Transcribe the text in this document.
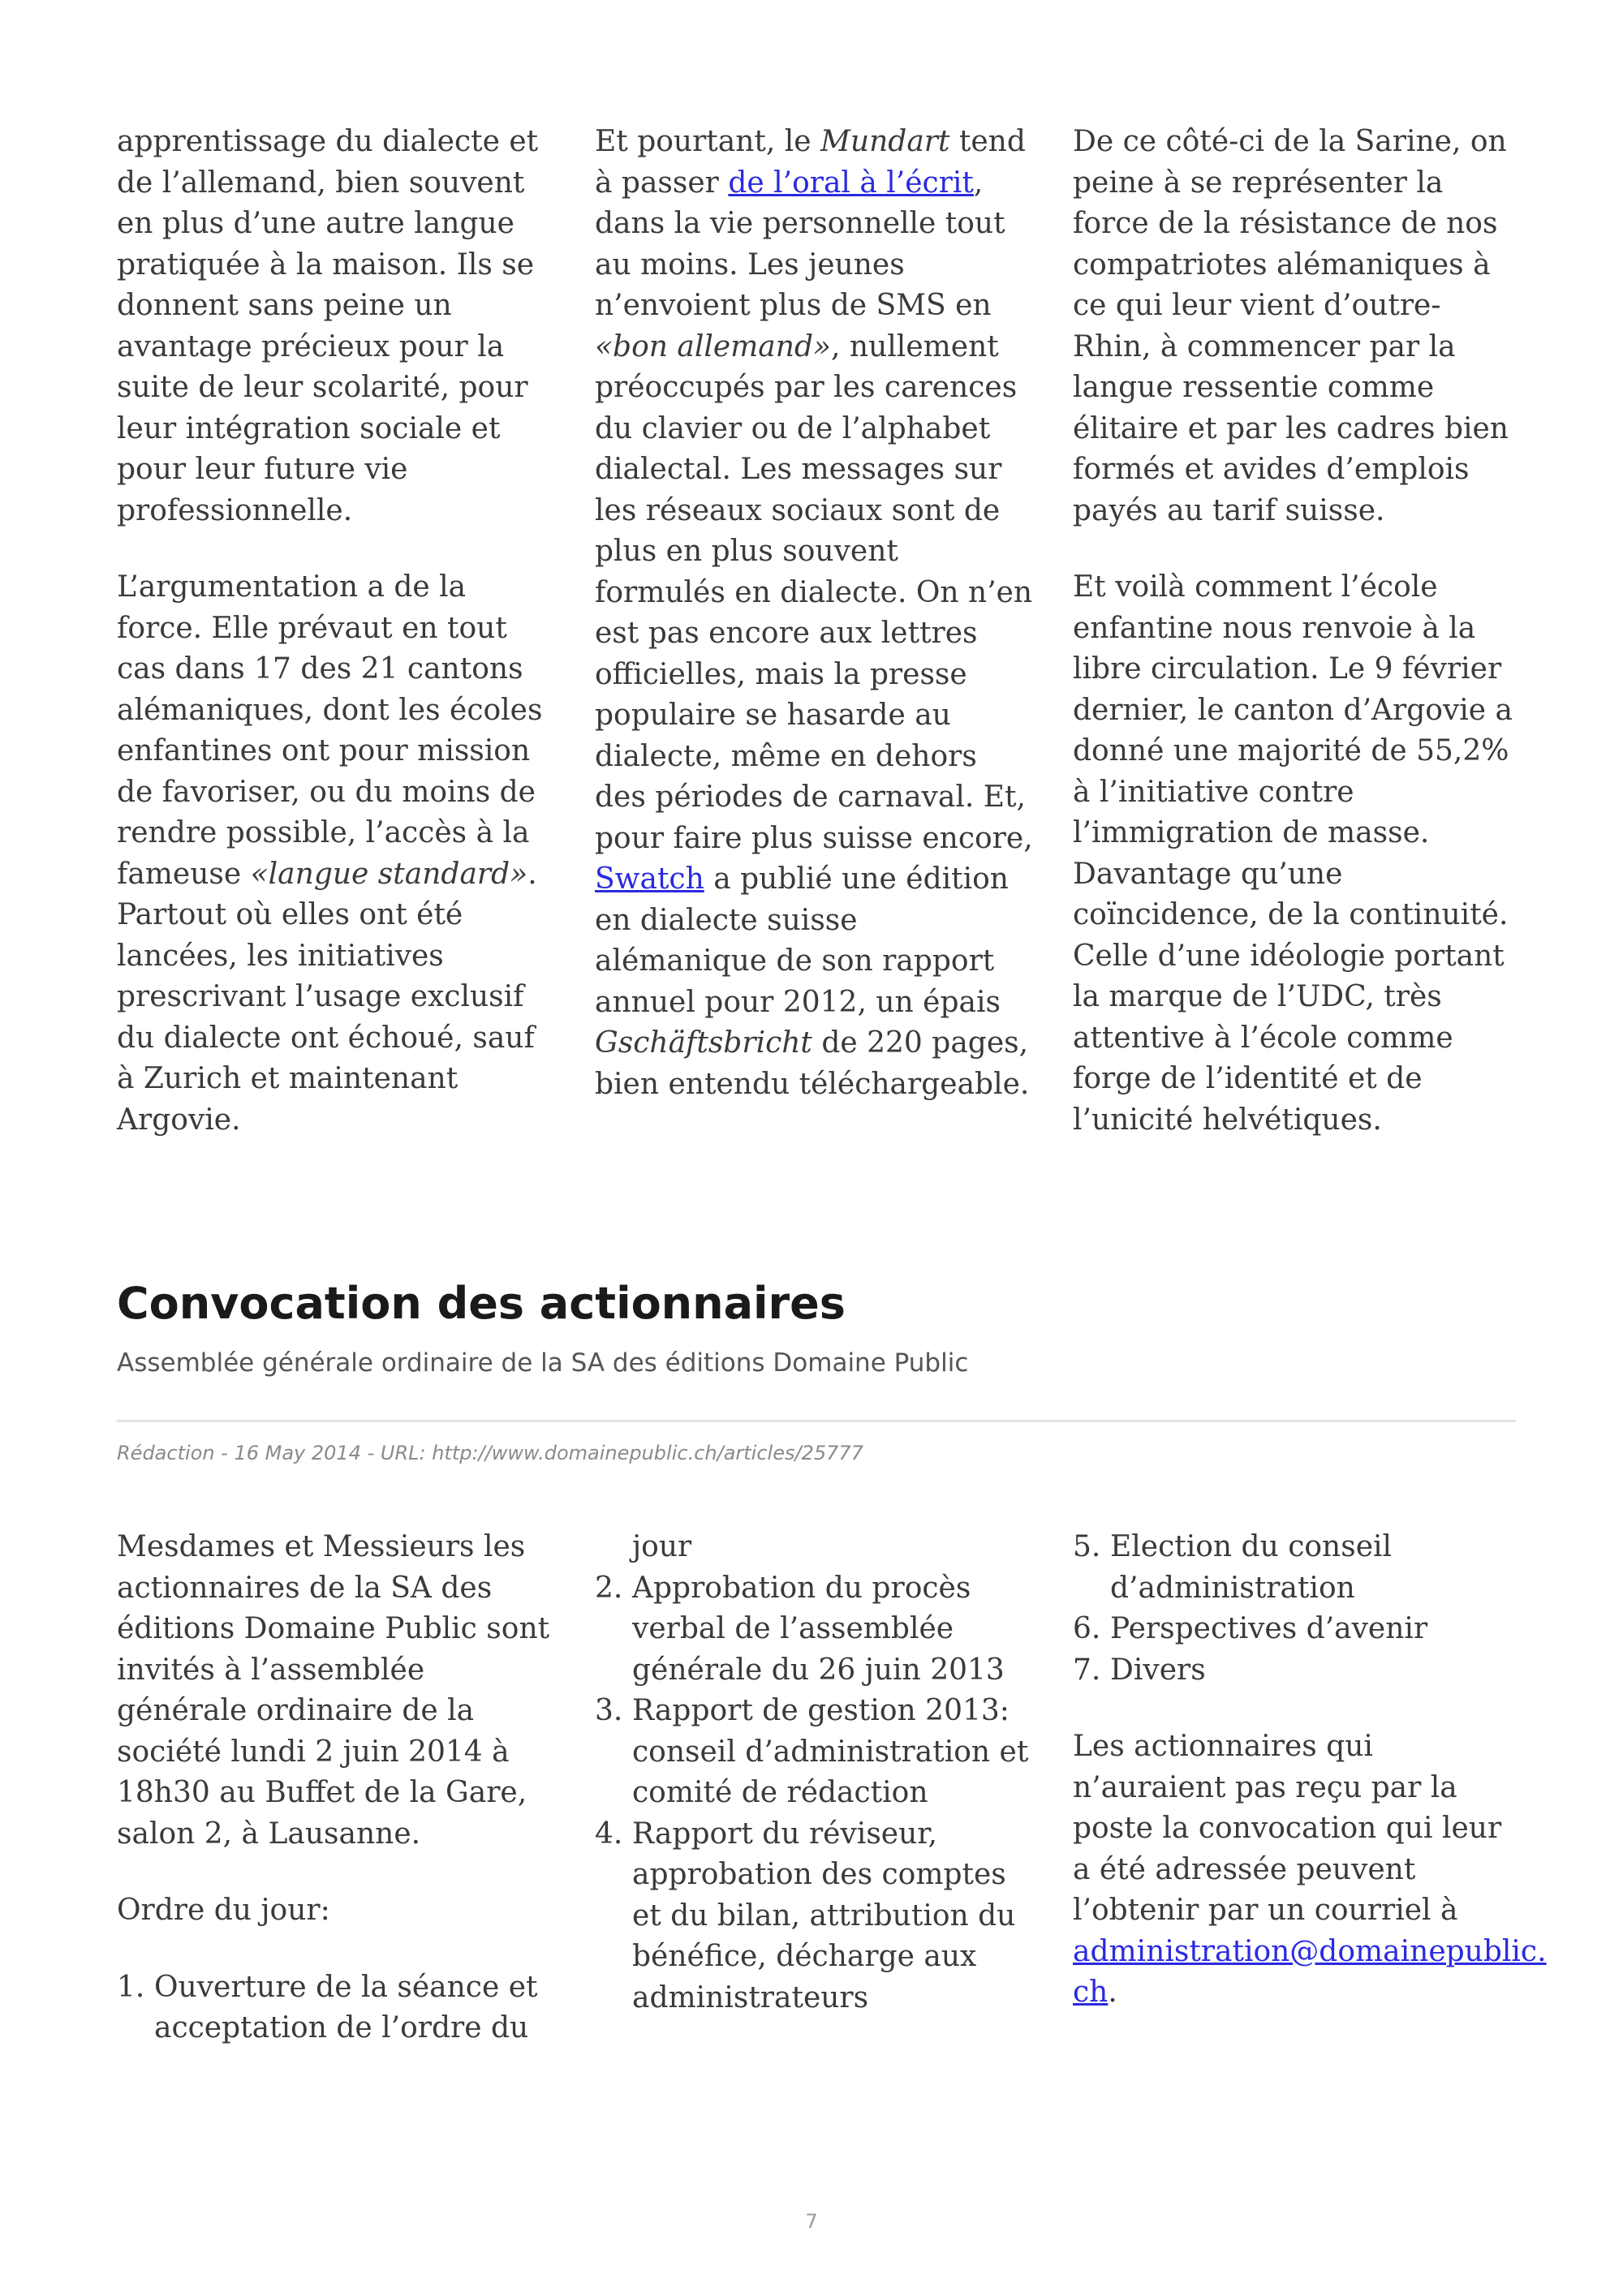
apprentissage du dialecte et de l’allemand, bien souvent en plus d’une autre langue pratiquée à la maison. Ils se donnent sans peine un avantage précieux pour la suite de leur scolarité, pour leur intégration sociale et pour leur future vie professionnelle.

L’argumentation a de la force. Elle prévaut en tout cas dans 17 des 21 cantons alémaniques, dont les écoles enfantines ont pour mission de favoriser, ou du moins de rendre possible, l’accès à la fameuse «langue standard». Partout où elles ont été lancées, les initiatives prescrivant l’usage exclusif du dialecte ont échoué, sauf à Zurich et maintenant Argovie.

Et pourtant, le Mundart tend à passer de l’oral à l’écrit, dans la vie personnelle tout au moins. Les jeunes n’envoient plus de SMS en «bon allemand», nullement préoccupés par les carences du clavier ou de l’alphabet dialectal. Les messages sur les réseaux sociaux sont de plus en plus souvent formulés en dialecte. On n’en est pas encore aux lettres officielles, mais la presse populaire se hasarde au dialecte, même en dehors des périodes de carnaval. Et, pour faire plus suisse encore, Swatch a publié une édition en dialecte suisse alémanique de son rapport annuel pour 2012, un épais Gschäftsbricht de 220 pages, bien entendu téléchargeable.

De ce côté-ci de la Sarine, on peine à se représenter la force de la résistance de nos compatriotes alémaniques à ce qui leur vient d’outre-Rhin, à commencer par la langue ressentie comme élitaire et par les cadres bien formés et avides d’emplois payés au tarif suisse.

Et voilà comment l’école enfantine nous renvoie à la libre circulation. Le 9 février dernier, le canton d’Argovie a donné une majorité de 55,2% à l’initiative contre l’immigration de masse. Davantage qu’une coïncidence, de la continuité. Celle d’une idéologie portant la marque de l’UDC, très attentive à l’école comme forge de l’identité et de l’unicité helvétiques.

Convocation des actionnaires
Assemblée générale ordinaire de la SA des éditions Domaine Public
Rédaction - 16 May 2014 - URL: http://www.domainepublic.ch/articles/25777

Mesdames et Messieurs les actionnaires de la SA des éditions Domaine Public sont invités à l’assemblée générale ordinaire de la société lundi 2 juin 2014 à 18h30 au Buffet de la Gare, salon 2, à Lausanne.

Ordre du jour:

1. Ouverture de la séance et acceptation de l’ordre du
jour
2. Approbation du procès verbal de l’assemblée générale du 26 juin 2013
3. Rapport de gestion 2013: conseil d’administration et comité de rédaction
4. Rapport du réviseur, approbation des comptes et du bilan, attribution du bénéfice, décharge aux administrateurs
5. Election du conseil d’administration
6. Perspectives d’avenir
7. Divers

Les actionnaires qui n’auraient pas reçu par la poste la convocation qui leur a été adressée peuvent l’obtenir par un courriel à administration@domainepublic.
ch.

7
